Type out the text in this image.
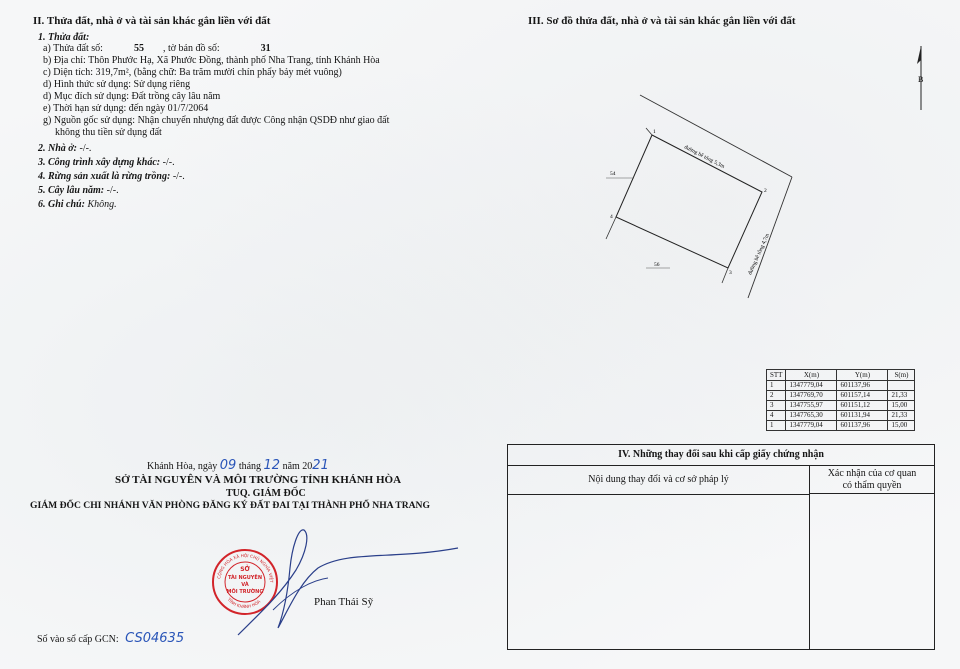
II. Thửa đất, nhà ở và tài sản khác gắn liền với đất
1. Thửa đất:
a) Thửa đất số:	55 , tờ bản đồ số:	31
b) Địa chỉ: Thôn Phước Hạ, Xã Phước Đồng, thành phố Nha Trang, tỉnh Khánh Hòa
c) Diện tích: 319,7m², (bằng chữ: Ba trăm mười chín phẩy bảy mét vuông)
d) Hình thức sử dụng: Sử dụng riêng
d) Mục đích sử dụng: Đất trồng cây lâu năm
e) Thời hạn sử dụng: đến ngày 01/7/2064
g) Nguồn gốc sử dụng: Nhận chuyển nhượng đất được Công nhận QSDĐ như giao đất
không thu tiền sử dụng đất
2. Nhà ở: -/-.
3. Công trình xây dựng khác: -/-.
4. Rừng sản xuất là rừng trồng: -/-.
5. Cây lâu năm: -/-.
6. Ghi chú: Không.
III. Sơ đồ thửa đất, nhà ở và tài sản khác gắn liền với đất
B
đường bê tông 5,3m
đường bê tông 4,7m
54
56
1
2
3
4
STT	X(m)	Y(m)	S(m)
1	1347779,04	601137,96	
2	1347769,70	601157,14	21,33
3	1347755,97	601151,12	15,00
4	1347765,30	601131,94	21,33
1	1347779,04	601137,96	15,00
Khánh Hòa, ngày 09 tháng 12 năm 2021
SỞ TÀI NGUYÊN VÀ MÔI TRƯỜNG TỈNH KHÁNH HÒA
TUQ. GIÁM ĐỐC
GIÁM ĐỐC CHI NHÁNH VĂN PHÒNG ĐĂNG KÝ ĐẤT ĐAI TẠI THÀNH PHỐ NHA TRANG
CỘNG HÒA XÃ HỘI CHỦ NGHĨA VIỆT
TỈNH KHÁNH HÒA
SỞ
TÀI NGUYÊN
VÀ
MÔI TRƯỜNG
Phan Thái Sỹ
Số vào sổ cấp GCN: CS04635
IV. Những thay đổi sau khi cấp giấy chứng nhận
Nội dung thay đổi và cơ sở pháp lý
Xác nhận của cơ quan
có thẩm quyền
